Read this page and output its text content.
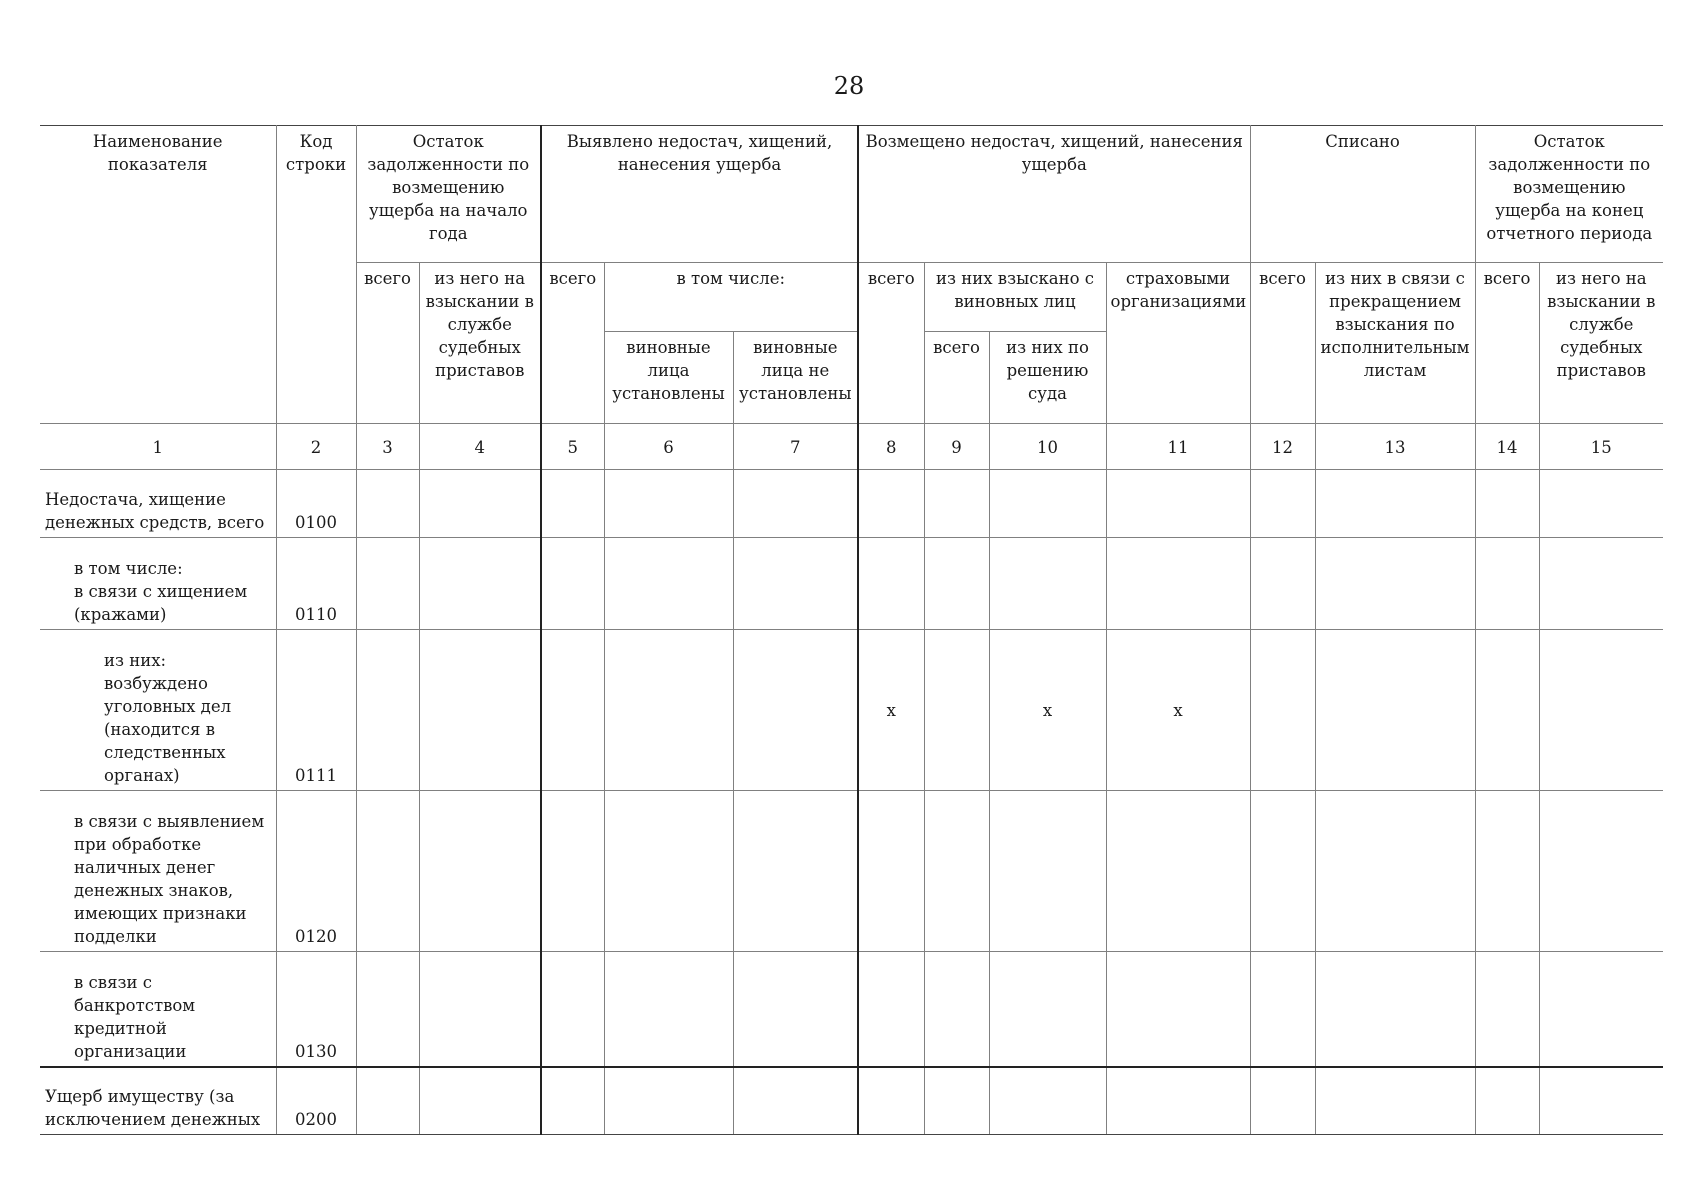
28
Наименование показателя	Код строки	Остаток задолженности по возмещению ущерба на начало года		Выявлено недостач, хищений, нанесения ущерба			Возмещено недостач, хищений, нанесения ущерба				Списано		Остаток задолженности по возмещению ущерба на конец отчетного периода	
		всего	из него на взыскании в службе судебных приставов	всего	в том числе:		всего	из них взыскано с виновных лиц		страховыми организациями	всего	из них в связи с прекращением взыскания по исполнительным листам	всего	из него на взыскании в службе судебных приставов
					виновные лица установлены	виновные лица не установлены		всего	из них по решению суда					
1	2	3	4	5	6	7	8	9	10	11	12	13	14	15
Недостача, хищение денежных средств, всего	0100													

в том числе:
в связи с хищением (кражами)	0110													

из них:
возбуждено уголовных дел (находится в следственных органах)	0111						х		х	х				
в связи с выявлением при обработке наличных денег денежных знаков, имеющих признаки подделки	0120													
в связи с банкротством кредитной организации	0130													
Ущерб имуществу (за исключением денежных	0200													
